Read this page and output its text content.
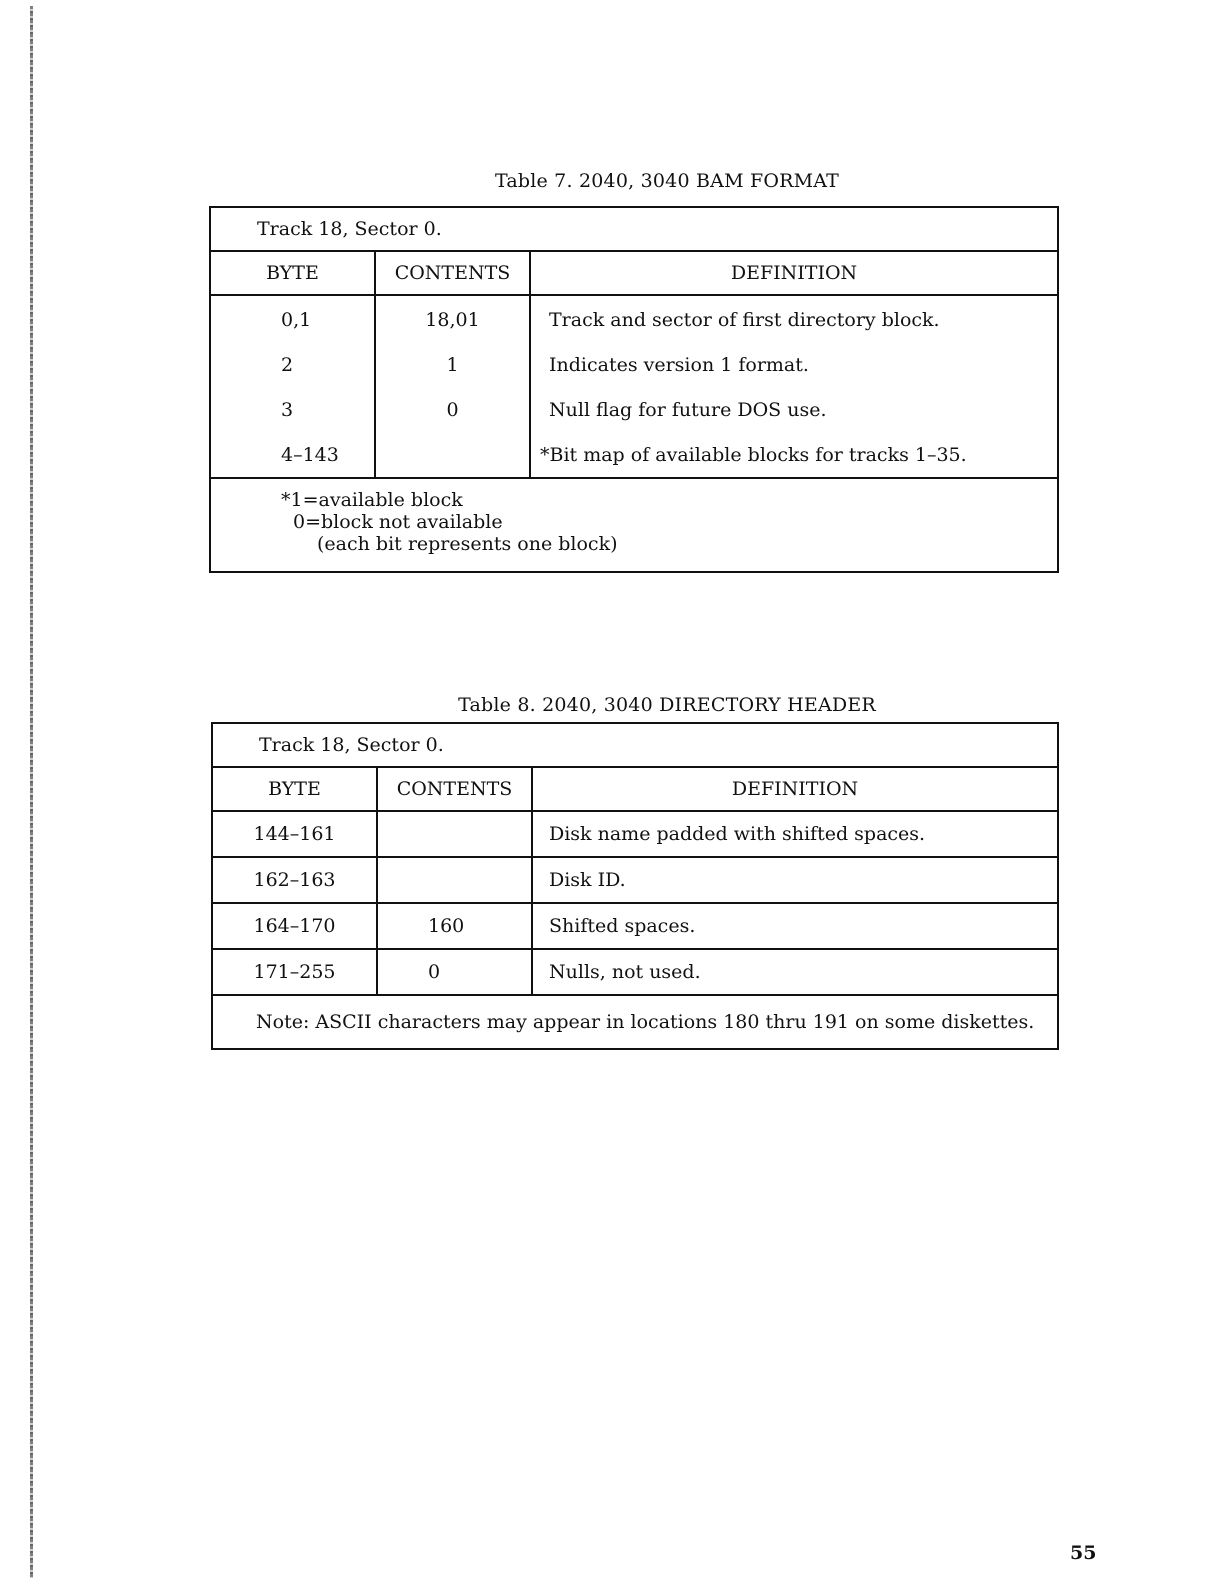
Table 7. 2040, 3040 BAM FORMAT
Track 18, Sector 0.		
BYTE	CONTENTS	DEFINITION
0,1	18,01	Track and sector of first directory block.
2	1	Indicates version 1 format.
3	0	Null flag for future DOS use.
4–143		*Bit map of available blocks for tracks 1–35.
*1=available block
0=block not available
(each bit represents one block)		
Table 8. 2040, 3040 DIRECTORY HEADER
Track 18, Sector 0.		
BYTE	CONTENTS	DEFINITION
144–161		Disk name padded with shifted spaces.
162–163		Disk ID.
164–170	160	Shifted spaces.
171–255	0	Nulls, not used.
Note: ASCII characters may appear in locations 180 thru 191 on some diskettes.		
55
